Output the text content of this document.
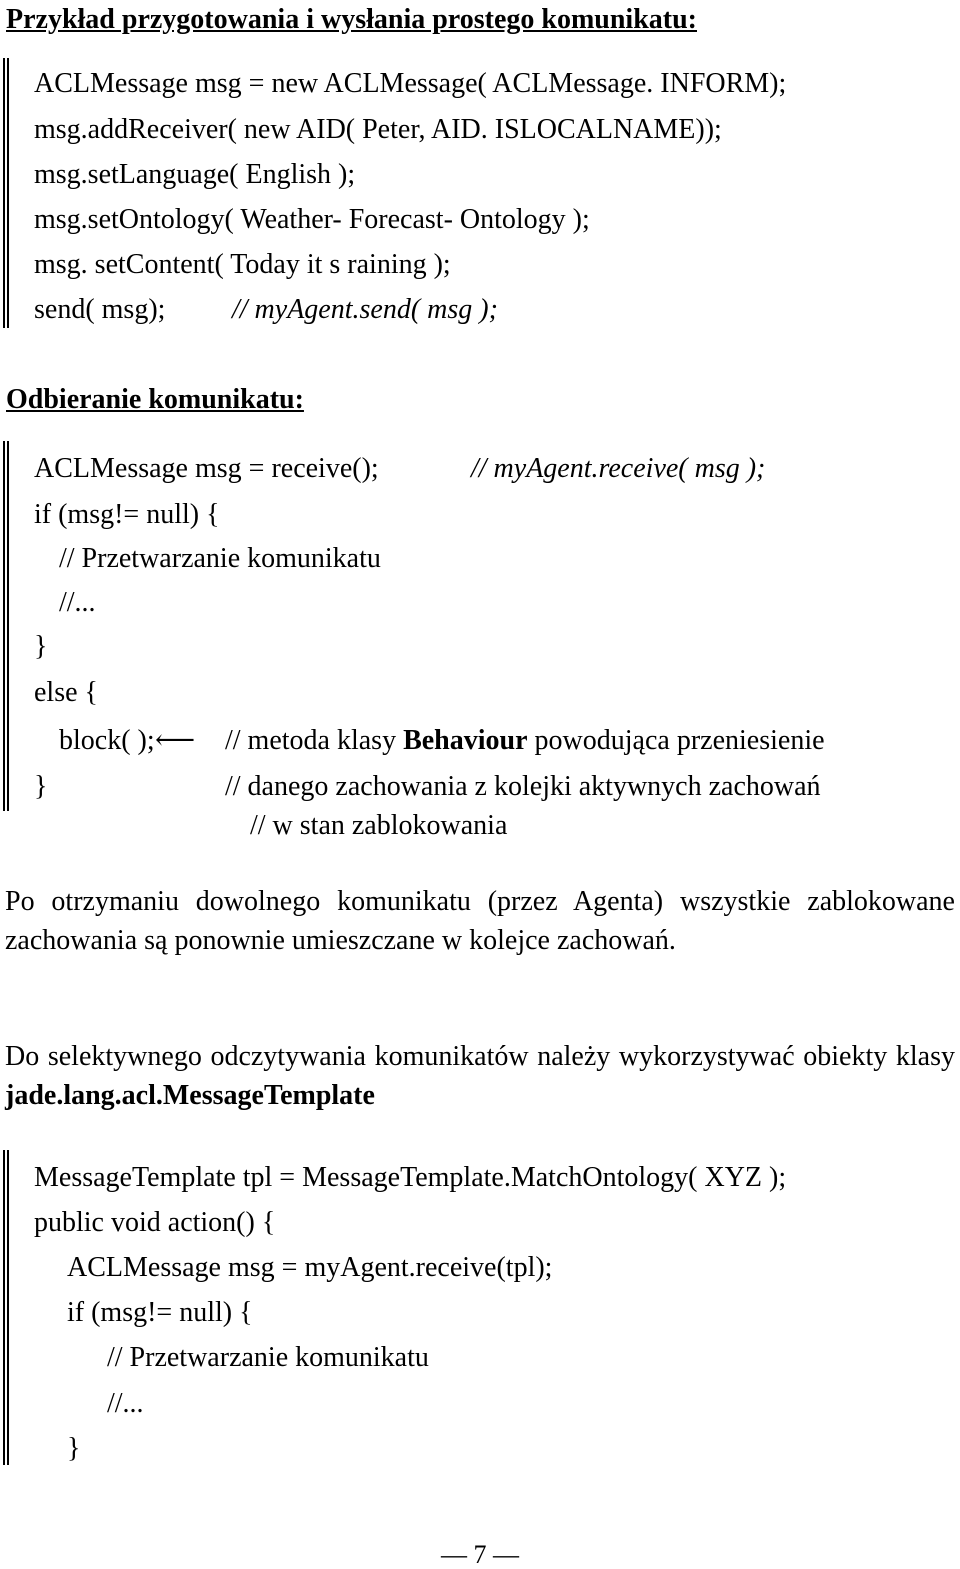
Przykład przygotowania i wysłania prostego komunikatu:
ACLMessage msg = new ACLMessage( ACLMessage. INFORM);
msg.addReceiver( new AID( Peter, AID. ISLOCALNAME));
msg.setLanguage( English );
msg.setOntology( Weather- Forecast- Ontology );
msg. setContent( Today it s raining );
send( msg); // myAgent.send( msg );
Odbieranie komunikatu:
ACLMessage msg = receive();	// myAgent.receive( msg );
if (msg!= null) {
// Przetwarzanie komunikatu
//...
}
else {
block( ); ⟵ // metoda klasy Behaviour powodująca przeniesienie
}	// danego zachowania z kolejki aktywnych zachowań
// w stan zablokowania

Po otrzymaniu dowolnego komunikatu (przez Agenta) wszystkie zablokowane zachowania są ponownie umieszczane w kolejce zachowań.

Do selektywnego odczytywania komunikatów należy wykorzystywać obiekty klasy jade.lang.acl.MessageTemplate

MessageTemplate tpl = MessageTemplate.MatchOntology( XYZ );
public void action() {
ACLMessage msg = myAgent.receive(tpl);
if (msg!= null) {
// Przetwarzanie komunikatu
//...
}
— 7 —
